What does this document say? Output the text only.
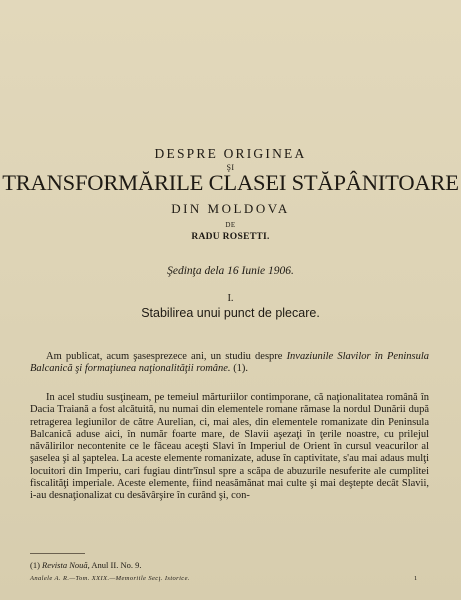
DESPRE ORIGINEA
ŞI
TRANSFORMĂRILE CLASEI STĂPÂNITOARE
DIN MOLDOVA
DE
RADU ROSETTI.
Şedinţa dela 16 Iunie 1906.
I.
Stabilirea unui punct de plecare.
Am publicat, acum şasesprezece ani, un studiu despre Invaziunile Slavilor în Peninsula Balcanică şi formaţiunea naţionalităţii române. (1).
In acel studiu susţineam, pe temeiul mărturiilor contimporane, că naţionalitatea română în Dacia Traiană a fost alcătuită, nu numai din elementele romane rămase la nordul Dunării după retragerea legiunilor de către Aurelian, ci, mai ales, din elementele romanizate din Peninsula Balcanică aduse aici, în număr foarte mare, de Slavii aşezaţi în ţerile noastre, cu prilejul năvălirilor necontenite ce le făceau aceşti Slavi în Imperiul de Orient în cursul veacurilor al şaselea şi al şaptelea. La aceste elemente romanizate, aduse în captivitate, s'au mai adaus mulţi locuitori din Imperiu, cari fugiau dintr'însul spre a scăpa de abuzurile nesuferite ale cumplitei fiscalităţi imperiale. Aceste elemente, fiind neasămănat mai culte şi mai deştepte decât Slavii, i-au desnaţionalizat cu desăvârşire în curând şi, con-
(1) Revista Nouă, Anul II. No. 9.
Analele A. R.—Tom. XXIX.—Memoriile Secţ. Istorice.	1
